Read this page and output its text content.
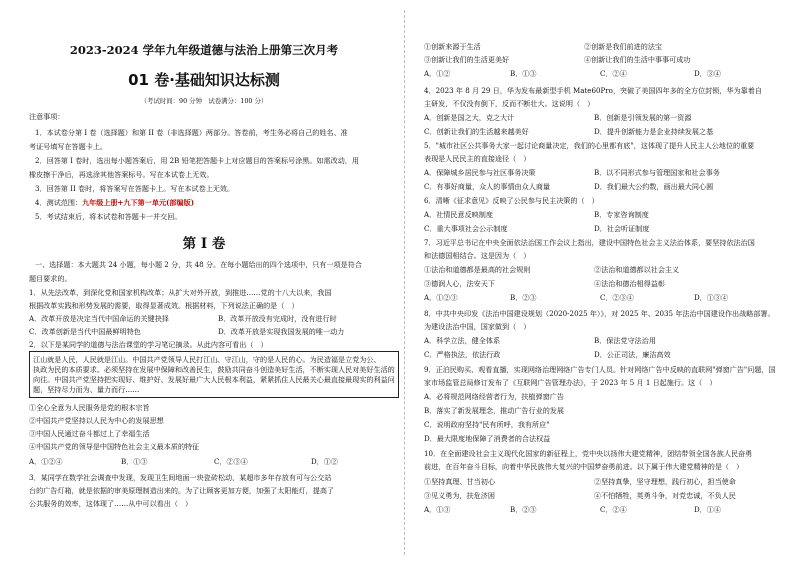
2023-2024 学年九年级道德与法治上册第三次月考
01 卷·基础知识达标测
（考试时间：90 分钟　试卷满分：100 分）
注意事项：
1．本试卷分第 I 卷（选择题）和第 II 卷（非选择题）两部分。答卷前，考生务必将自己的姓名、准
考证号填写在答题卡上。
2．回答第 I 卷时，选出每小题答案后，用 2B 铅笔把答题卡上对应题目的答案标号涂黑。如需改动，用
橡皮擦干净后，再选涂其他答案标号。写在本试卷上无效。
3．回答第 II 卷时，将答案写在答题卡上。写在本试卷上无效。
4．测试范围：九年级上册+九下第一单元(部编版)
5．考试结束后，将本试卷和答题卡一并交回。
第 I 卷
一、选择题：本大题共 24 小题，每小题 2 分，共 48 分。在每小题给出的四个选项中，只有一项是符合
题目要求的。
1．从先法改革，到深化党和国家机构改革；从扩大对外开放，到推进……党的十八大以来，我国
根据改革实践和形势发展的需要，取得显著成效。根据材料，下列说法正确的是（　）
A．改革开放是决定当代中国命运的关键抉择	B．改革开放没有完成时，没有进行时
C．改革创新是当代中国最鲜明特色	D．改革开放是实现我国发展的唯一动力
2．以下是某同学的道德与法治课堂的学习笔记摘录。从此内容可看出（　）
江山就是人民，人民就是江山。中国共产党领导人民打江山、守江山，守的是人民的心。为民造福是立党为公、
执政为民的本质要求。必须坚持在发展中保障和改善民生，鼓励共同奋斗创造美好生活，不断实现人民对美好生活的
向往。中国共产党坚持把实现好、维护好、发展好最广大人民根本利益，紧紧抓住人民最关心最直接最现实的利益问
题，坚持尽力而为、量力而行……
①全心全意为人民服务是党的根本宗旨
②中国共产党坚持以人民为中心的发展思想
③中国人民通过奋斗都过上了幸福生活
④中国共产党的领导是中国特色社会主义最本质的特征
A．①②④	B．①③	C．②③④	D．①②
3．某同学在数学社会调查中发现，发现卫生间地面一块瓷砖松动，某超市多年存放有可与公交站
台的广告灯箱，就是依据的审美原理制造出来的。为了让顾客更加方便，加强了太阳能灯，提高了
公共服务的效率，这体现了……从中可以看出（　）
①创新来源于生活	②创新是我们前进的法宝
③创新让我们的生活更美好	④创新让我们的生活中事事可成功
A．①②	B．①③	C．②④	D．③④
4．2023 年 8 月 29 日，华为发布最新型手机 Mate60Pro，突破了美国四年多的全方位封锁，华为靠着自
主研发，不仅没有倒下，反而不断壮大。这说明（　）
A．创新是国之大，克之大计	B．创新是引领发展的第一资源
C．创新让我们的生活越来越美好	D．提升创新能力是企业持续发展之基
5．"城市社区公共事务大家一起讨论商量决定，我们的心里都有底"，这体现了提升人民主人公地位的重要
表现是人民民主的直接途径（　）
A．保障城乡居民参与社区事务决策	B．以不同形式参与管理国家和社会事务
C．有事好商量，众人的事情由众人商量	D．我们最大公约数，画出最大同心圆
6．清晰《征求意见》反映了公民参与民主决策的（　）
A．社情民意反映制度	B．专家咨询制度
C．重大事项社会公示制度	D．社会听证制度
7．习近平总书记在中央全面依法治国工作会议上指出，建设中国特色社会主义法治体系，要坚持依法治国
和法德国相结合。这是因为（　）
①法治和道德都是最高的社会规则	②法治和道德都以社会主义
③德润人心，法安天下	④法治和德治相得益彰
A．①②③	B．②③	C．②③④	D．①③④
8．中共中央印发《法治中国建设规划（2020-2025 年）》，对 2025 年、2035 年法治中国建设作出战略部署。
为建设法治中国，国家做到（　）
A．科学立法，健全体系	B．保法党守法治用
C．严格执法，依法行政	D．公正司法，廉洁高效
9．正泊民购买、观看直播，实现网络治理网络广告专门人员。针对网络广告中反映的直联网"弹窗广告"问题，国
家市场监管总局修订发布了《互联网广告管理办法》，于 2023 年 5 月 1 日起施行。这（　）
A．必将规范网络经营者行为，扶植弹窗广告
B．落实了新发展理念，推动广告行业的发展
C．说明政府坚持"民有所呼，我有所应"
D．最大限度地保障了消费者的合法权益
10．在全面建设社会主义现代化国家的新征程上，党中央以扬伟大建党精神，团结带领全国各族人民奋勇
前进，在百年奋斗目标，向着中华民族伟大复兴的中国梦奋勇前进。以下属于伟大建党精神的是（　）
①坚持真理、甘当初心	②坚持真挚，坚守理想，践行初心，担当使命
③见义勇为，扶危济困	④不怕牺牲，英勇斗争，对党忠诚，不负人民
A．①③	B．②③	C．②④	D．①④
